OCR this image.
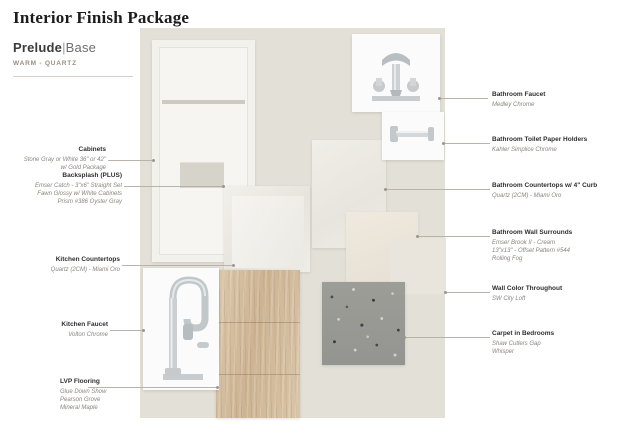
Interior Finish Package
Prelude|Base
WARM - QUARTZ
Cabinets
Stone Gray or White 36" or 42"
w/ Gold Package
Backsplash (PLUS)
Emser Catch - 3"x6" Straight Set
Fawn Glossy w/ White Cabinets
Prism #386 Oyster Gray
Kitchen Countertops
Quartz (2CM) - Miami Oro
Kitchen Faucet
Volton Chrome
LVP Flooring
Glue Down Show
Pearson Grove
Mineral Maple
Bathroom Faucet
Medley Chrome
Bathroom Toilet Paper Holders
Kahler Simplice Chrome
Bathroom Countertops w/ 4" Curb
Quartz (2CM) - Miami Oro
Bathroom Wall Surrounds
Emser Brook II - Cream
13"x13" - Offset Pattern #544
Rolling Fog
Wall Color Throughout
SW City Loft
Carpet in Bedrooms
Shaw Cutlers Gap
Whisper
